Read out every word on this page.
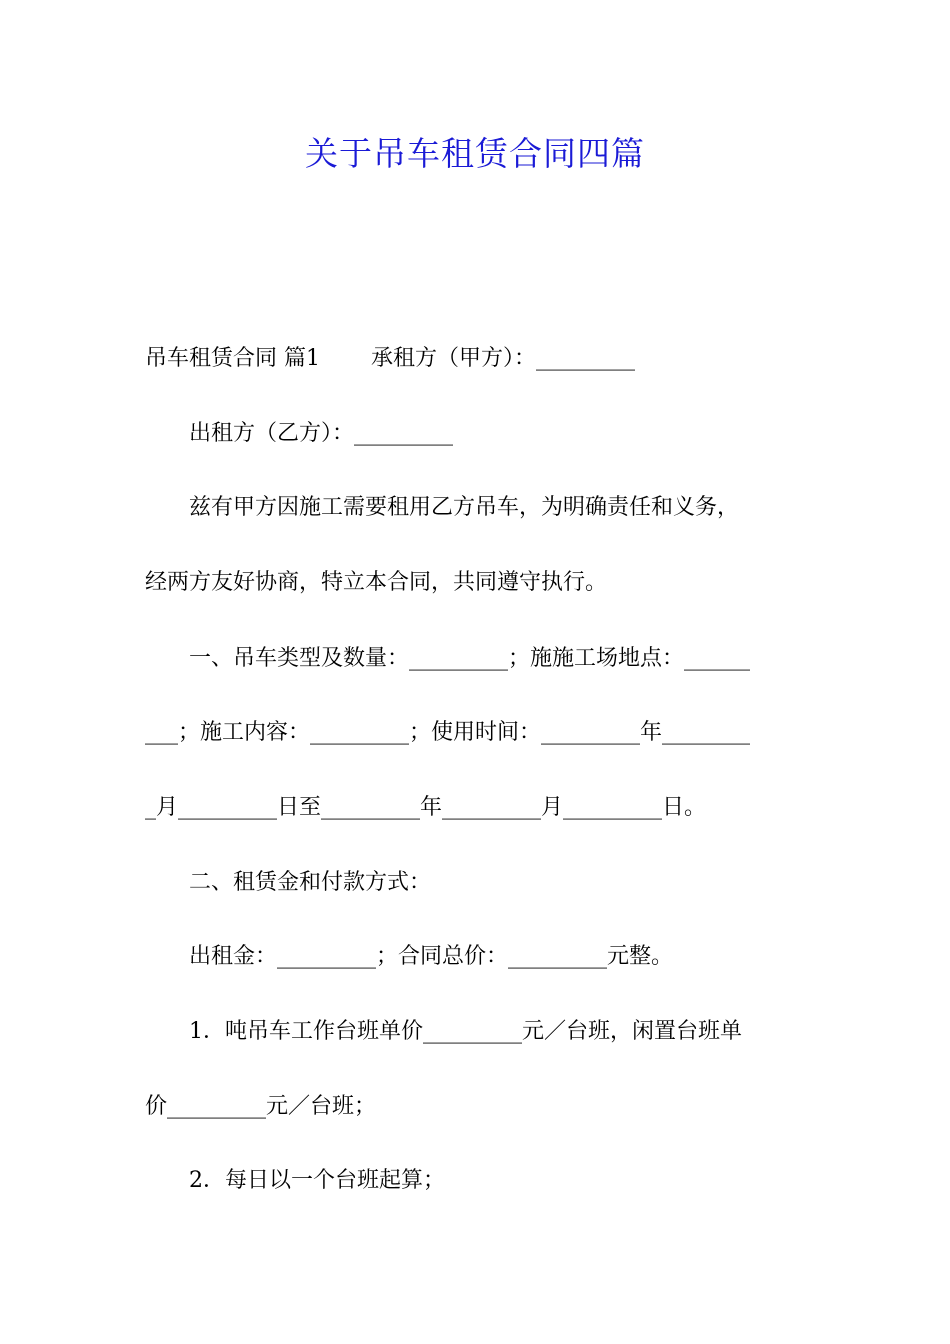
关于吊车租赁合同四篇
吊车租赁合同 篇1　　 承租方（甲方）：_________
　　出租方（乙方）：_________
　　兹有甲方因施工需要租用乙方吊车，为明确责任和义务，
经两方友好协商，特立本合同，共同遵守执行。
　　一、吊车类型及数量：_________；施施工场地点：______
___；施工内容：_________；使用时间：_________年________
_月_________日至_________年_________月_________日。
　　二、租赁金和付款方式：
　　出租金：_________；合同总价：_________元整。
　　1．吨吊车工作台班单价_________元／台班，闲置台班单
价_________元／台班；
　　2．每日以一个台班起算；
